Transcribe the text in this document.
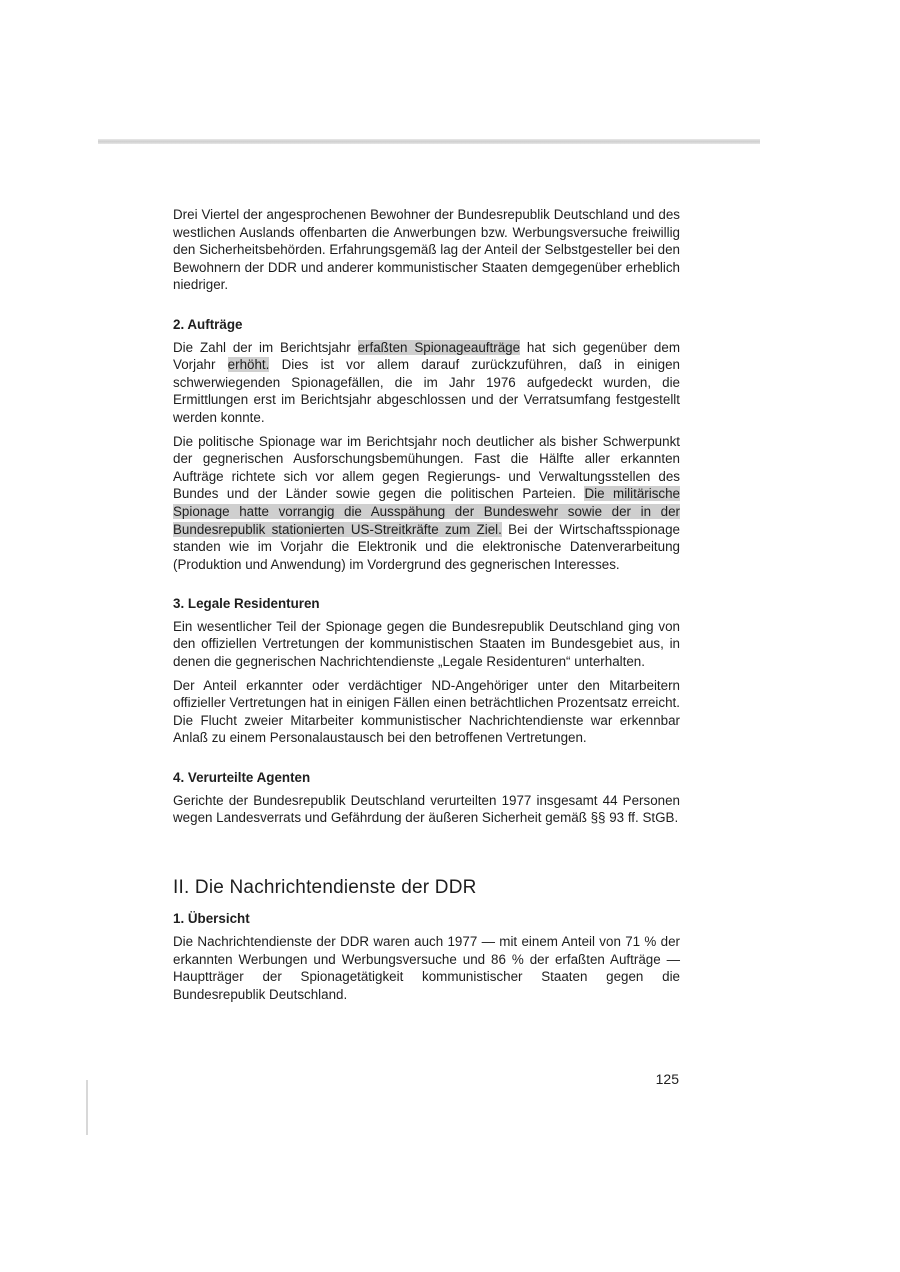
Drei Viertel der angesprochenen Bewohner der Bundesrepublik Deutschland und des westlichen Auslands offenbarten die Anwerbungen bzw. Werbungsversuche freiwillig den Sicherheitsbehörden. Erfahrungsgemäß lag der Anteil der Selbstgesteller bei den Bewohnern der DDR und anderer kommunistischer Staaten demgegenüber erheblich niedriger.

2. Aufträge

Die Zahl der im Berichtsjahr erfaßten Spionageaufträge hat sich gegenüber dem Vorjahr erhöht. Dies ist vor allem darauf zurückzuführen, daß in einigen schwerwiegenden Spionagefällen, die im Jahr 1976 aufgedeckt wurden, die Ermittlungen erst im Berichtsjahr abgeschlossen und der Verratsumfang festgestellt werden konnte.

Die politische Spionage war im Berichtsjahr noch deutlicher als bisher Schwerpunkt der gegnerischen Ausforschungsbemühungen. Fast die Hälfte aller erkannten Aufträge richtete sich vor allem gegen Regierungs- und Verwaltungsstellen des Bundes und der Länder sowie gegen die politischen Parteien. Die militärische Spionage hatte vorrangig die Ausspähung der Bundeswehr sowie der in der Bundesrepublik stationierten US-Streitkräfte zum Ziel. Bei der Wirtschaftsspionage standen wie im Vorjahr die Elektronik und die elektronische Datenverarbeitung (Produktion und Anwendung) im Vordergrund des gegnerischen Interesses.

3. Legale Residenturen

Ein wesentlicher Teil der Spionage gegen die Bundesrepublik Deutschland ging von den offiziellen Vertretungen der kommunistischen Staaten im Bundesgebiet aus, in denen die gegnerischen Nachrichtendienste „Legale Residenturen“ unterhalten.

Der Anteil erkannter oder verdächtiger ND-Angehöriger unter den Mitarbeitern offizieller Vertretungen hat in einigen Fällen einen beträchtlichen Prozentsatz erreicht. Die Flucht zweier Mitarbeiter kommunistischer Nachrichtendienste war erkennbar Anlaß zu einem Personalaustausch bei den betroffenen Vertretungen.

4. Verurteilte Agenten

Gerichte der Bundesrepublik Deutschland verurteilten 1977 insgesamt 44 Personen wegen Landesverrats und Gefährdung der äußeren Sicherheit gemäß §§ 93 ff. StGB.

II. Die Nachrichtendienste der DDR
1. Übersicht

Die Nachrichtendienste der DDR waren auch 1977 — mit einem Anteil von 71 % der erkannten Werbungen und Werbungsversuche und 86 % der erfaßten Aufträge — Hauptträger der Spionagetätigkeit kommunistischer Staaten gegen die Bundesrepublik Deutschland.

125
